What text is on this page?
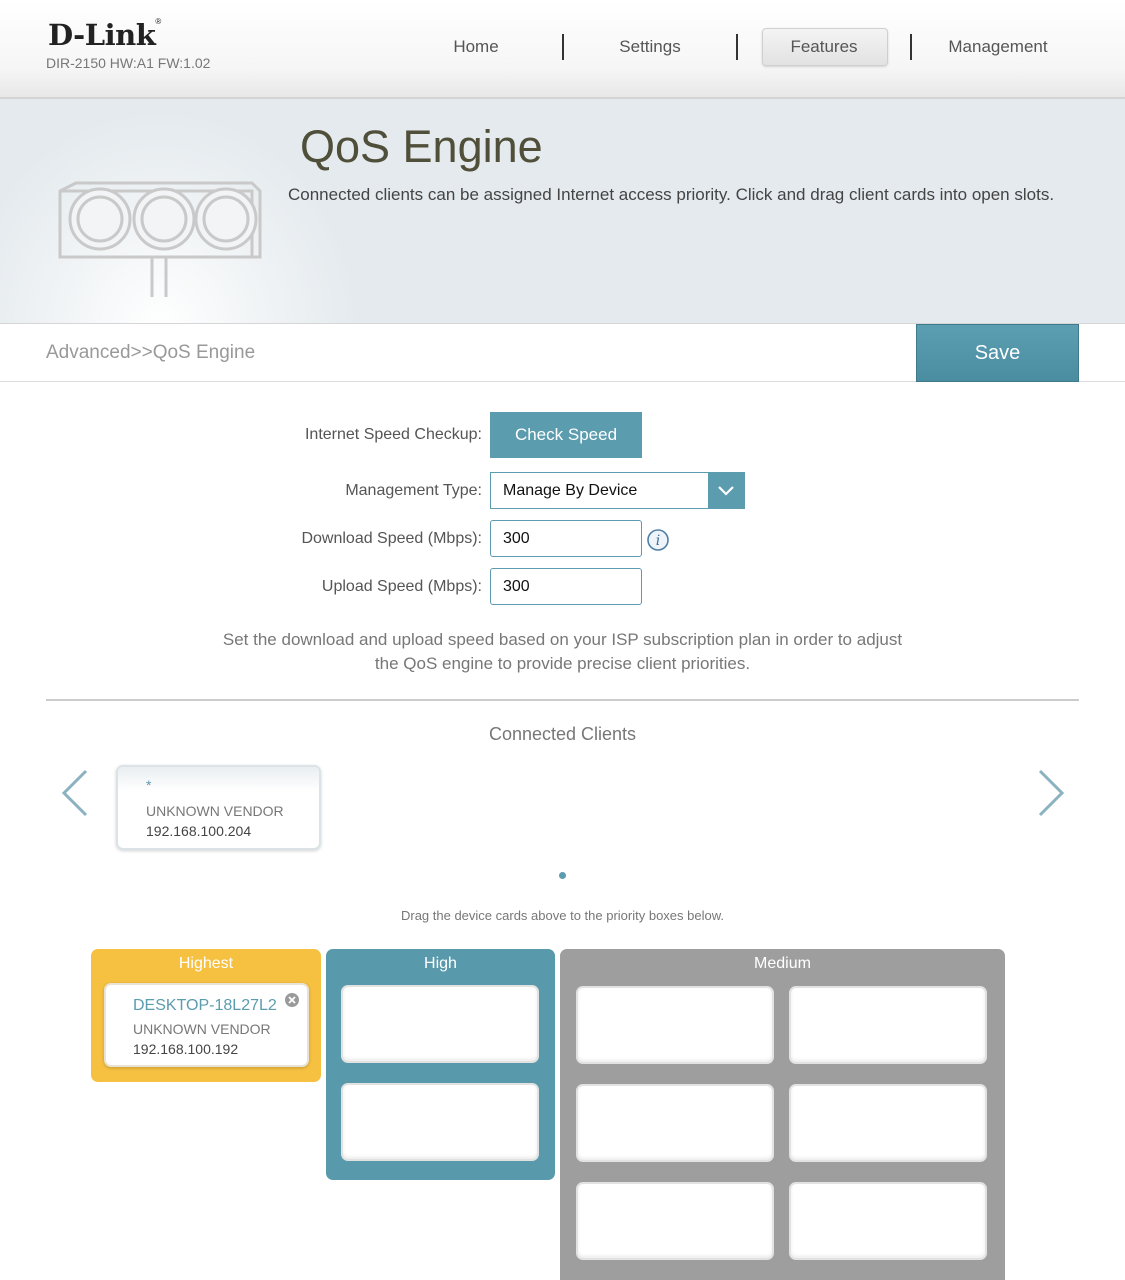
D-Link®
DIR-2150 HW:A1 FW:1.02
Home	Settings	Features	Management
QoS Engine
Connected clients can be assigned Internet access priority. Click and drag client cards into open slots.
Advanced>>QoS Engine	Save
Internet Speed Checkup:	Check Speed
Management Type: Manage By Device
Download Speed (Mbps):
300	i
Upload Speed (Mbps):
300
Set the download and upload speed based on your ISP subscription plan in order to adjust
the QoS engine to provide precise client priorities.
Connected Clients
*
UNKNOWN VENDOR
192.168.100.204
Drag the device cards above to the priority boxes below.
Highest
DESKTOP-18L27L2
UNKNOWN VENDOR
192.168.100.192
High	Medium
